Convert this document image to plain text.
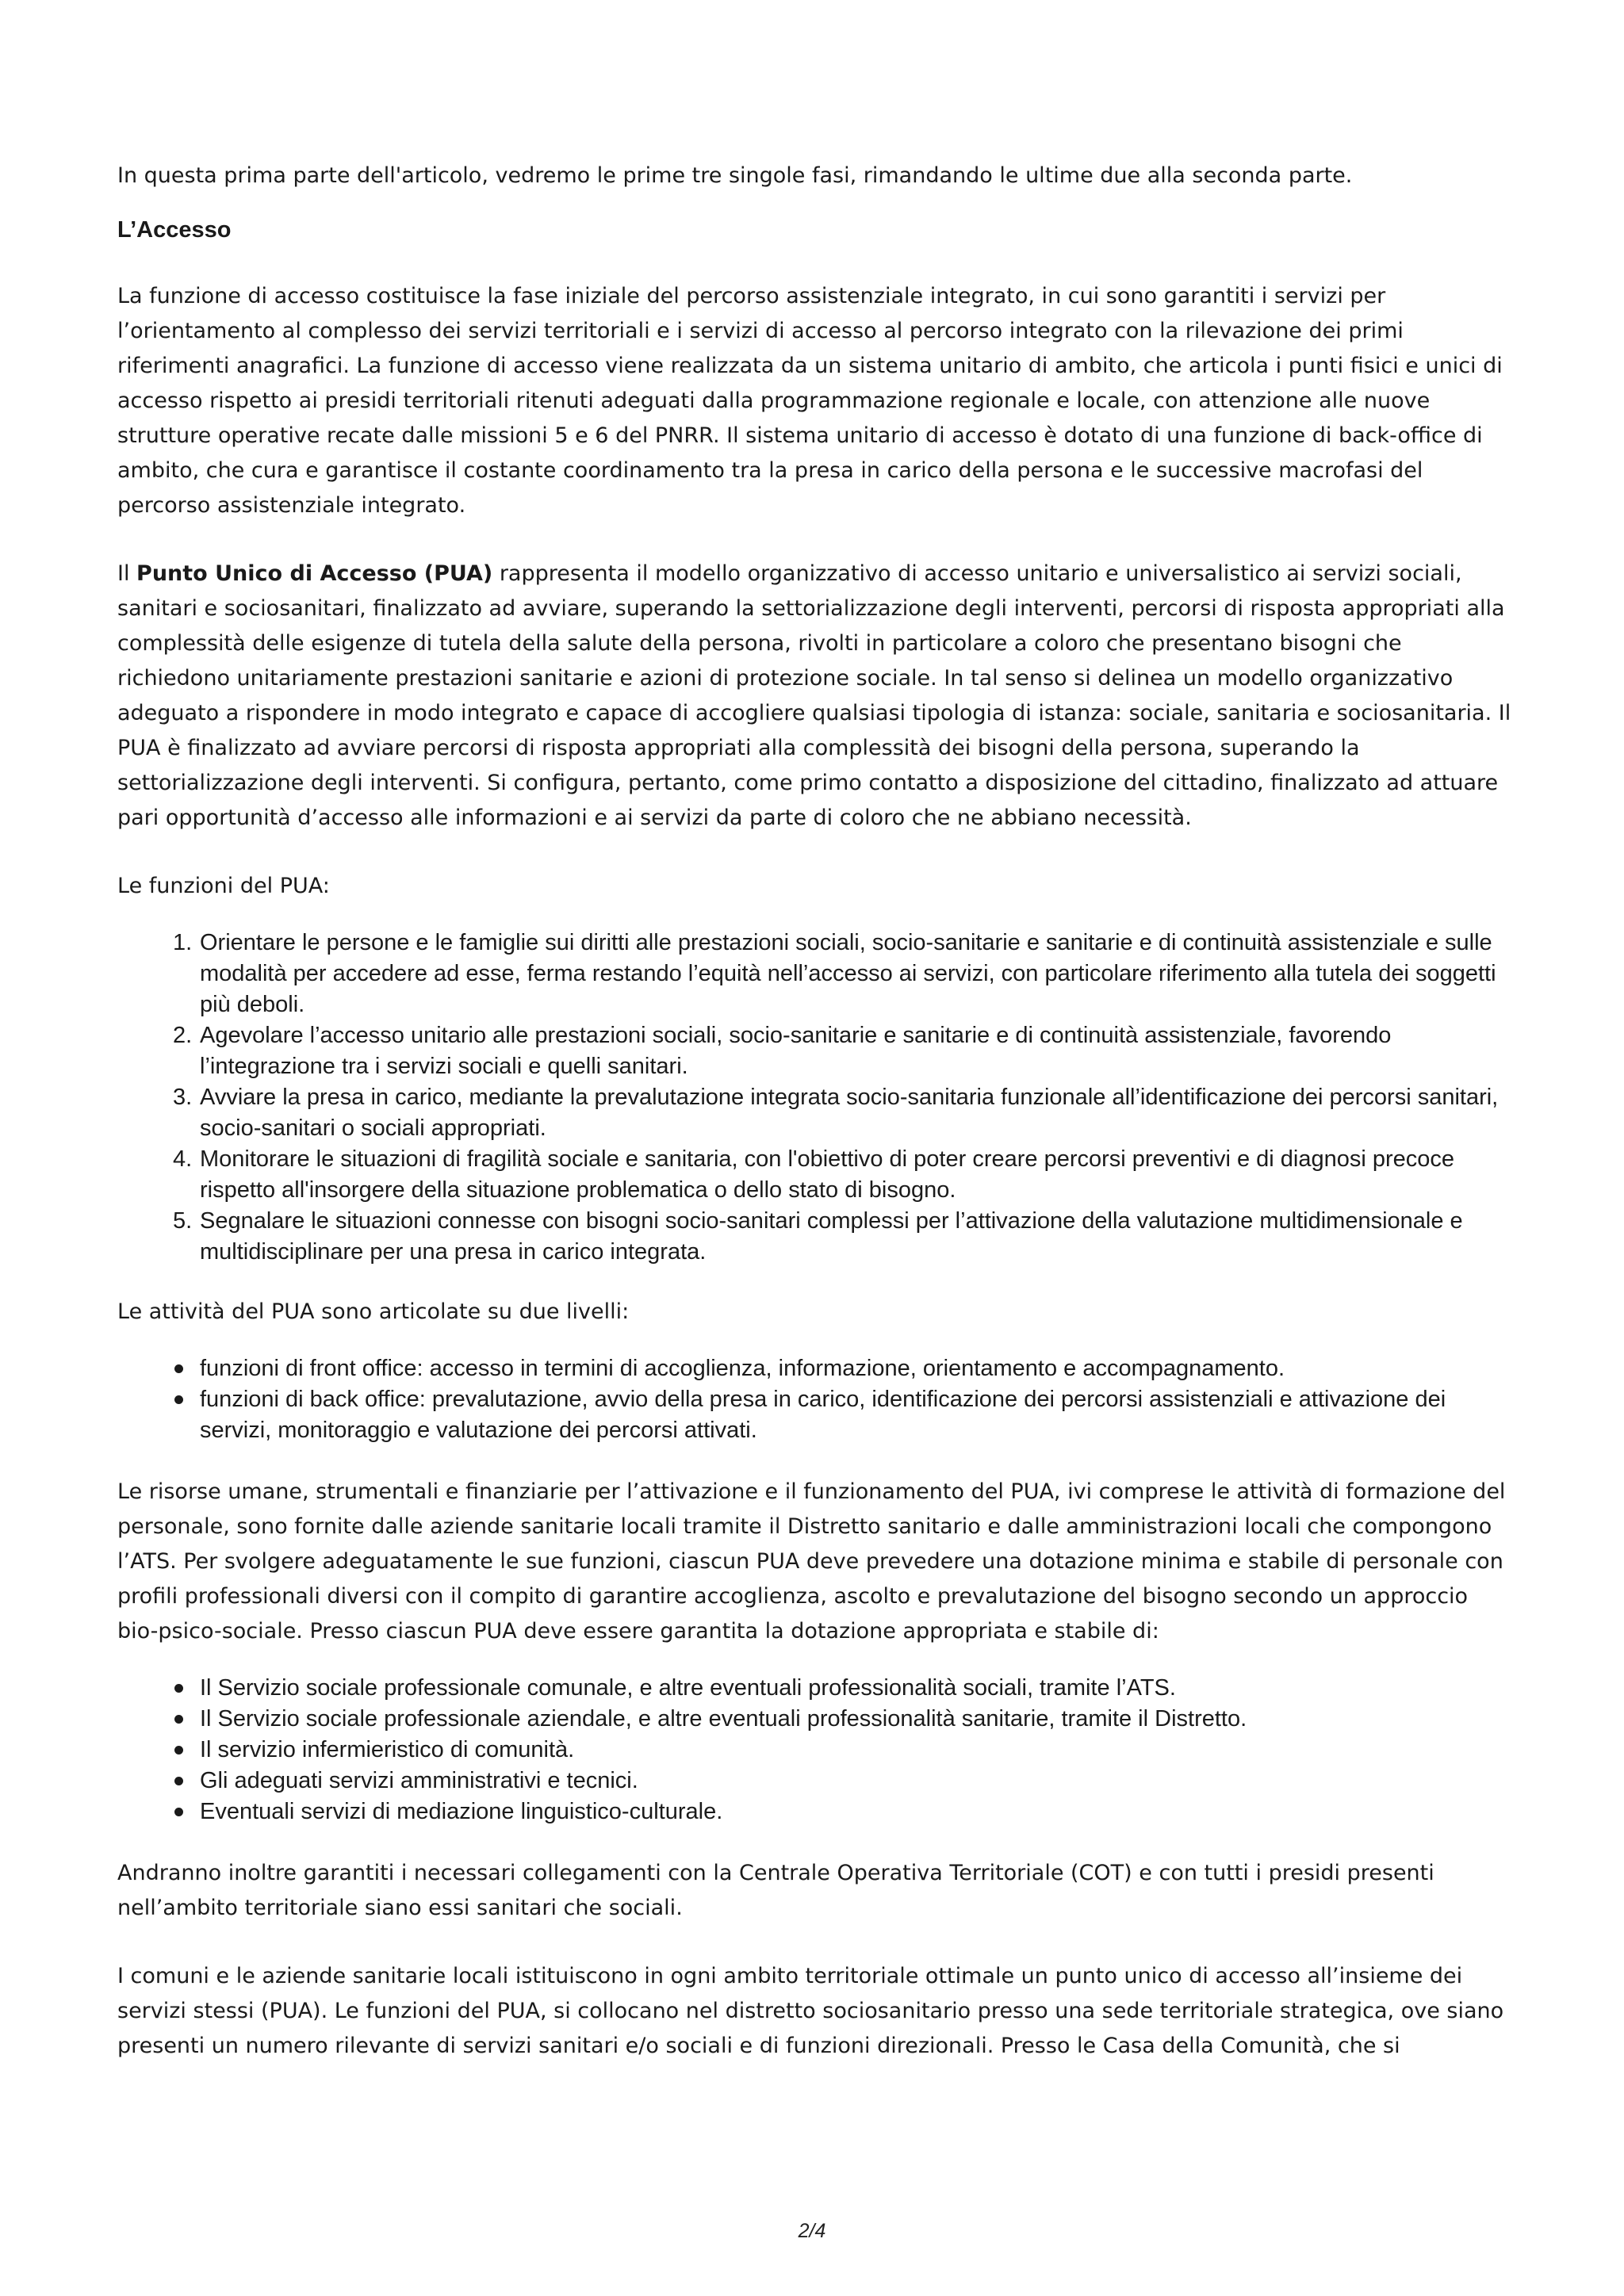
In questa prima parte dell'articolo, vedremo le prime tre singole fasi, rimandando le ultime due alla seconda parte.

L’Accesso

La funzione di accesso costituisce la fase iniziale del percorso assistenziale integrato, in cui sono garantiti i servizi per l’orientamento al complesso dei servizi territoriali e i servizi di accesso al percorso integrato con la rilevazione dei primi riferimenti anagrafici. La funzione di accesso viene realizzata da un sistema unitario di ambito, che articola i punti fisici e unici di accesso rispetto ai presidi territoriali ritenuti adeguati dalla programmazione regionale e locale, con attenzione alle nuove strutture operative recate dalle missioni 5 e 6 del PNRR. Il sistema unitario di accesso è dotato di una funzione di back-office di ambito, che cura e garantisce il costante coordinamento tra la presa in carico della persona e le successive macrofasi del percorso assistenziale integrato.

Il Punto Unico di Accesso (PUA) rappresenta il modello organizzativo di accesso unitario e universalistico ai servizi sociali, sanitari e sociosanitari, finalizzato ad avviare, superando la settorializzazione degli interventi, percorsi di risposta appropriati alla complessità delle esigenze di tutela della salute della persona, rivolti in particolare a coloro che presentano bisogni che richiedono unitariamente prestazioni sanitarie e azioni di protezione sociale. In tal senso si delinea un modello organizzativo adeguato a rispondere in modo integrato e capace di accogliere qualsiasi tipologia di istanza: sociale, sanitaria e sociosanitaria. Il PUA è finalizzato ad avviare percorsi di risposta appropriati alla complessità dei bisogni della persona, superando la settorializzazione degli interventi. Si configura, pertanto, come primo contatto a disposizione del cittadino, finalizzato ad attuare pari opportunità d’accesso alle informazioni e ai servizi da parte di coloro che ne abbiano necessità.

Le funzioni del PUA:

1. Orientare le persone e le famiglie sui diritti alle prestazioni sociali, socio-sanitarie e sanitarie e di continuità assistenziale e sulle modalità per accedere ad esse, ferma restando l’equità nell’accesso ai servizi, con particolare riferimento alla tutela dei soggetti più deboli.
2. Agevolare l’accesso unitario alle prestazioni sociali, socio-sanitarie e sanitarie e di continuità assistenziale, favorendo l’integrazione tra i servizi sociali e quelli sanitari.
3. Avviare la presa in carico, mediante la prevalutazione integrata socio-sanitaria funzionale all’identificazione dei percorsi sanitari, socio-sanitari o sociali appropriati.
4. Monitorare le situazioni di fragilità sociale e sanitaria, con l'obiettivo di poter creare percorsi preventivi e di diagnosi precoce rispetto all'insorgere della situazione problematica o dello stato di bisogno.
5. Segnalare le situazioni connesse con bisogni socio-sanitari complessi per l’attivazione della valutazione multidimensionale e multidisciplinare per una presa in carico integrata.

Le attività del PUA sono articolate su due livelli:

funzioni di front office: accesso in termini di accoglienza, informazione, orientamento e accompagnamento.
funzioni di back office: prevalutazione, avvio della presa in carico, identificazione dei percorsi assistenziali e attivazione dei servizi, monitoraggio e valutazione dei percorsi attivati.

Le risorse umane, strumentali e finanziarie per l’attivazione e il funzionamento del PUA, ivi comprese le attività di formazione del personale, sono fornite dalle aziende sanitarie locali tramite il Distretto sanitario e dalle amministrazioni locali che compongono l’ATS. Per svolgere adeguatamente le sue funzioni, ciascun PUA deve prevedere una dotazione minima e stabile di personale con profili professionali diversi con il compito di garantire accoglienza, ascolto e prevalutazione del bisogno secondo un approccio bio-psico-sociale. Presso ciascun PUA deve essere garantita la dotazione appropriata e stabile di:

Il Servizio sociale professionale comunale, e altre eventuali professionalità sociali, tramite l’ATS.
Il Servizio sociale professionale aziendale, e altre eventuali professionalità sanitarie, tramite il Distretto.
Il servizio infermieristico di comunità.
Gli adeguati servizi amministrativi e tecnici.
Eventuali servizi di mediazione linguistico-culturale.

Andranno inoltre garantiti i necessari collegamenti con la Centrale Operativa Territoriale (COT) e con tutti i presidi presenti nell’ambito territoriale siano essi sanitari che sociali.

I comuni e le aziende sanitarie locali istituiscono in ogni ambito territoriale ottimale un punto unico di accesso all’insieme dei servizi stessi (PUA). Le funzioni del PUA, si collocano nel distretto sociosanitario presso una sede territoriale strategica, ove siano presenti un numero rilevante di servizi sanitari e/o sociali e di funzioni direzionali. Presso le Casa della Comunità, che si

2/4
